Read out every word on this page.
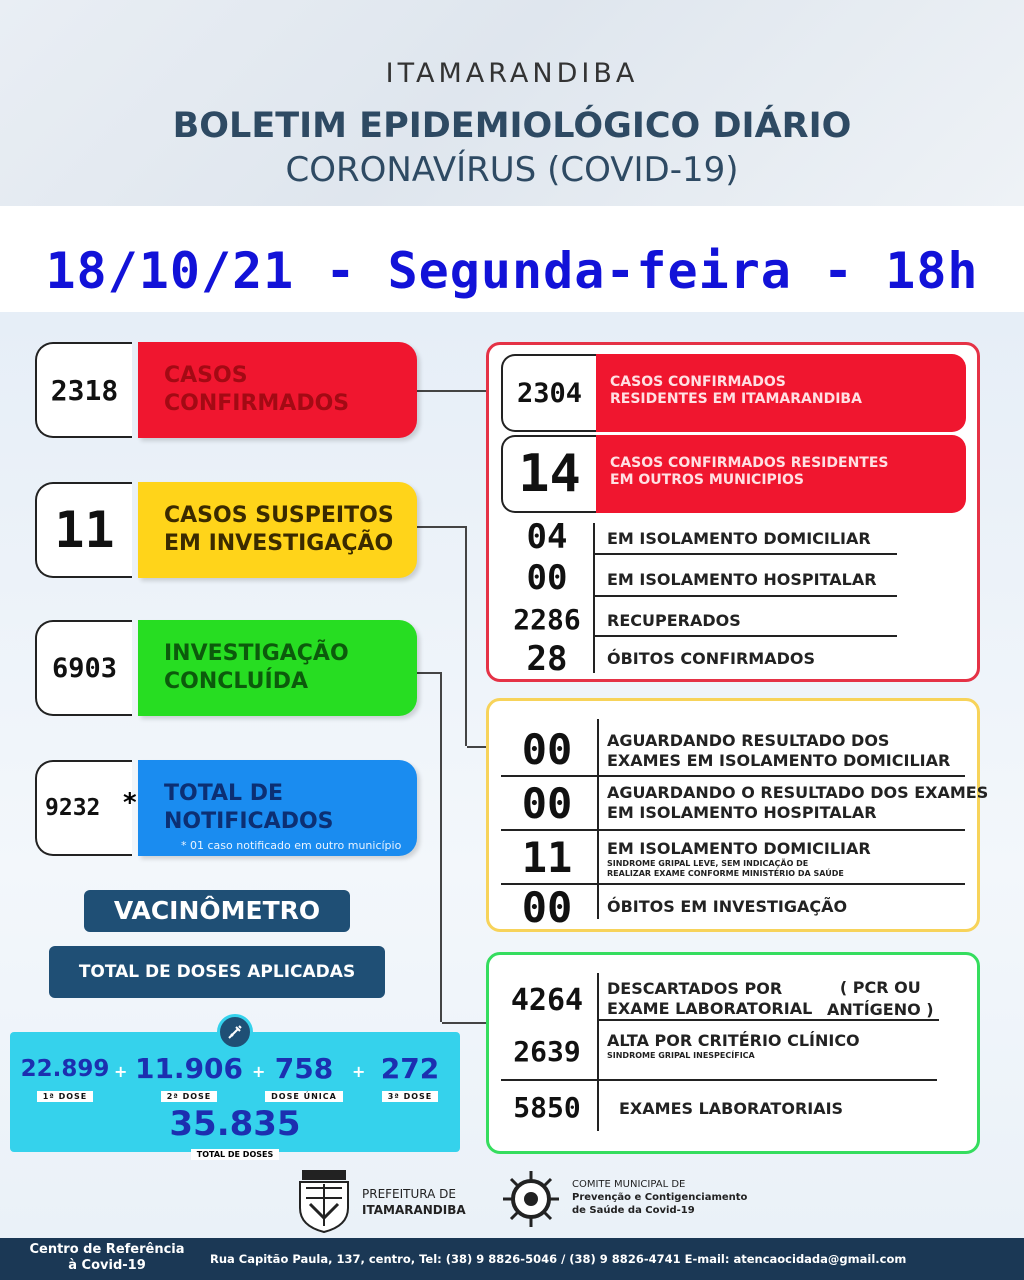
ITAMARANDIBA
BOLETIM EPIDEMIOLÓGICO DIÁRIO
CORONAVÍRUS (COVID-19)
18/10/21 - Segunda-feira - 18h
2318	CASOS
CONFIRMADOS
11	CASOS SUSPEITOS
EM INVESTIGAÇÃO
6903	INVESTIGAÇÃO
CONCLUÍDA
9232 * TOTAL DE
NOTIFICADOS
* 01 caso notificado em outro município
VACINÔMETRO
TOTAL DE DOSES APLICADAS
22.899
1ª DOSE
+ 11.906
2ª DOSE
+ 758
DOSE ÚNICA
+ 272
3ª DOSE
35.835
TOTAL DE DOSES
2304	CASOS CONFIRMADOS
RESIDENTES EM ITAMARANDIBA
14	CASOS CONFIRMADOS RESIDENTES
EM OUTROS MUNICIPIOS
04	EM ISOLAMENTO DOMICILIAR
00	EM ISOLAMENTO HOSPITALAR
2286	RECUPERADOS
28	ÓBITOS CONFIRMADOS
00	AGUARDANDO RESULTADO DOS
EXAMES EM ISOLAMENTO DOMICILIAR
00	AGUARDANDO O RESULTADO DOS EXAMES
EM ISOLAMENTO HOSPITALAR
11	EM ISOLAMENTO DOMICILIAR
SINDROME GRIPAL LEVE, SEM INDICAÇÃO DE
REALIZAR EXAME CONFORME MINISTÉRIO DA SAÚDE
00	ÓBITOS EM INVESTIGAÇÃO
4264	DESCARTADOS POR
EXAME LABORATORIAL
( PCR OU
ANTÍGENO )
2639	ALTA POR CRITÉRIO CLÍNICO
SINDROME GRIPAL INESPECÍFICA
5850	EXAMES LABORATORIAIS
PREFEITURA DE
ITAMARANDIBA
COMITE MUNICIPAL DE
Prevenção e Contigenciamento
de Saúde da Covid-19
Centro de Referência
à Covid-19	Rua Capitão Paula, 137, centro, Tel: (38) 9 8826-5046 / (38) 9 8826-4741 E-mail: atencaocidada@gmail.com
